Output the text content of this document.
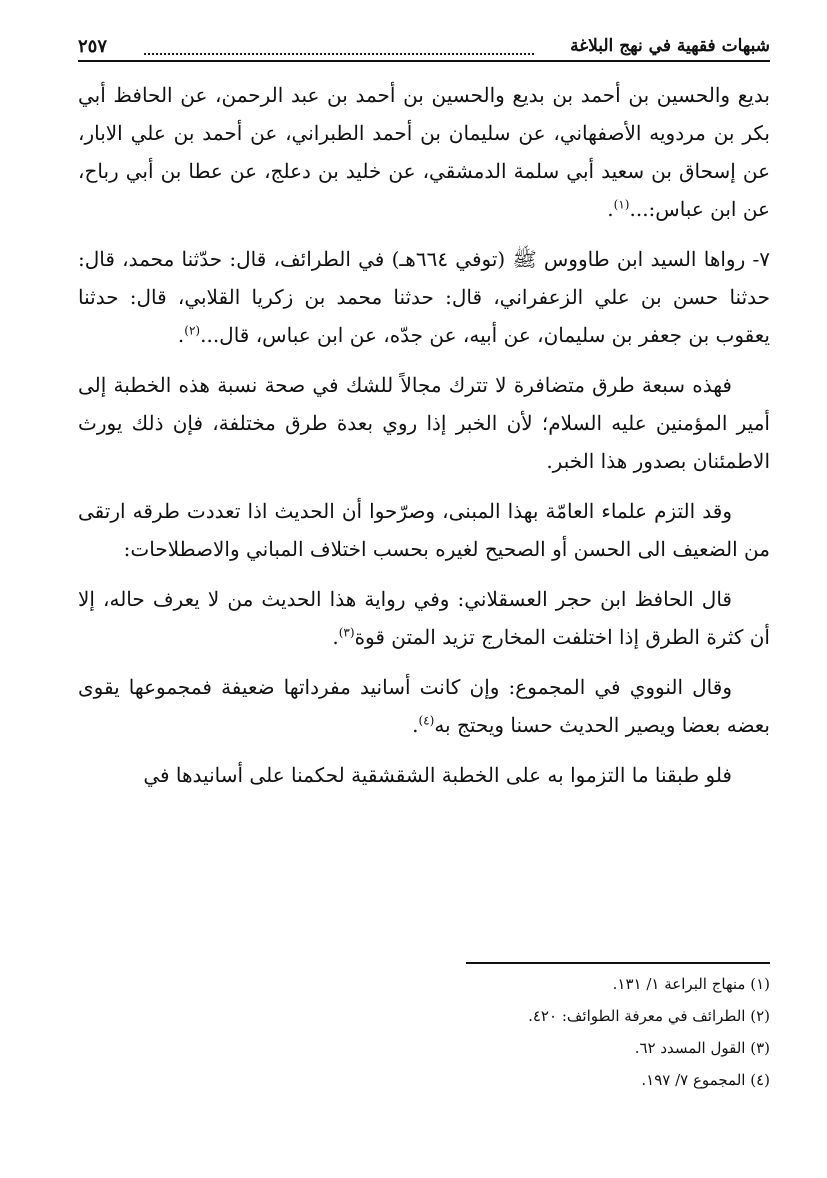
شبهات فقهية في نهج البلاغة
٢٥٧

بديع والحسين بن أحمد بن بديع والحسين بن أحمد بن عبد الرحمن، عن الحافظ أبي بكر بن مردويه الأصفهاني، عن سليمان بن أحمد الطبراني، عن أحمد بن علي الابار، عن إسحاق بن سعيد أبي سلمة الدمشقي، عن خليد بن دعلج، عن عطا بن أبي رباح، عن ابن عباس:...$^{(١)}$.

٧- رواها السيد ابن طاووس ﷺ (توفي ٦٦٤هـ) في الطرائف، قال: حدّثنا محمد، قال: حدثنا حسن بن علي الزعفراني، قال: حدثنا محمد بن زكريا القلابي، قال: حدثنا يعقوب بن جعفر بن سليمان، عن أبيه، عن جدّه، عن ابن عباس، قال...$^{(٢)}$.

فهذه سبعة طرق متضافرة لا تترك مجالاً للشك في صحة نسبة هذه الخطبة إلى أمير المؤمنين عليه السلام؛ لأن الخبر إذا روي بعدة طرق مختلفة، فإن ذلك يورث الاطمئنان بصدور هذا الخبر.

وقد التزم علماء العامّة بهذا المبنى، وصرّحوا أن الحديث اذا تعددت طرقه ارتقى من الضعيف الى الحسن أو الصحيح لغيره بحسب اختلاف المباني والاصطلاحات:

قال الحافظ ابن حجر العسقلاني: وفي رواية هذا الحديث من لا يعرف حاله، إلا أن كثرة الطرق إذا اختلفت المخارج تزيد المتن قوة$^{(٣)}$.

وقال النووي في المجموع: وإن كانت أسانيد مفرداتها ضعيفة فمجموعها يقوى بعضه بعضا ويصير الحديث حسنا ويحتج به$^{(٤)}$.

فلو طبقنا ما التزموا به على الخطبة الشقشقية لحكمنا على أسانيدها في

(١) منهاج البراعة ١/ ١٣١.

(٢) الطرائف في معرفة الطوائف: ٤٢٠.

(٣) القول المسدد ٦٢.

(٤) المجموع ٧/ ١٩٧.
